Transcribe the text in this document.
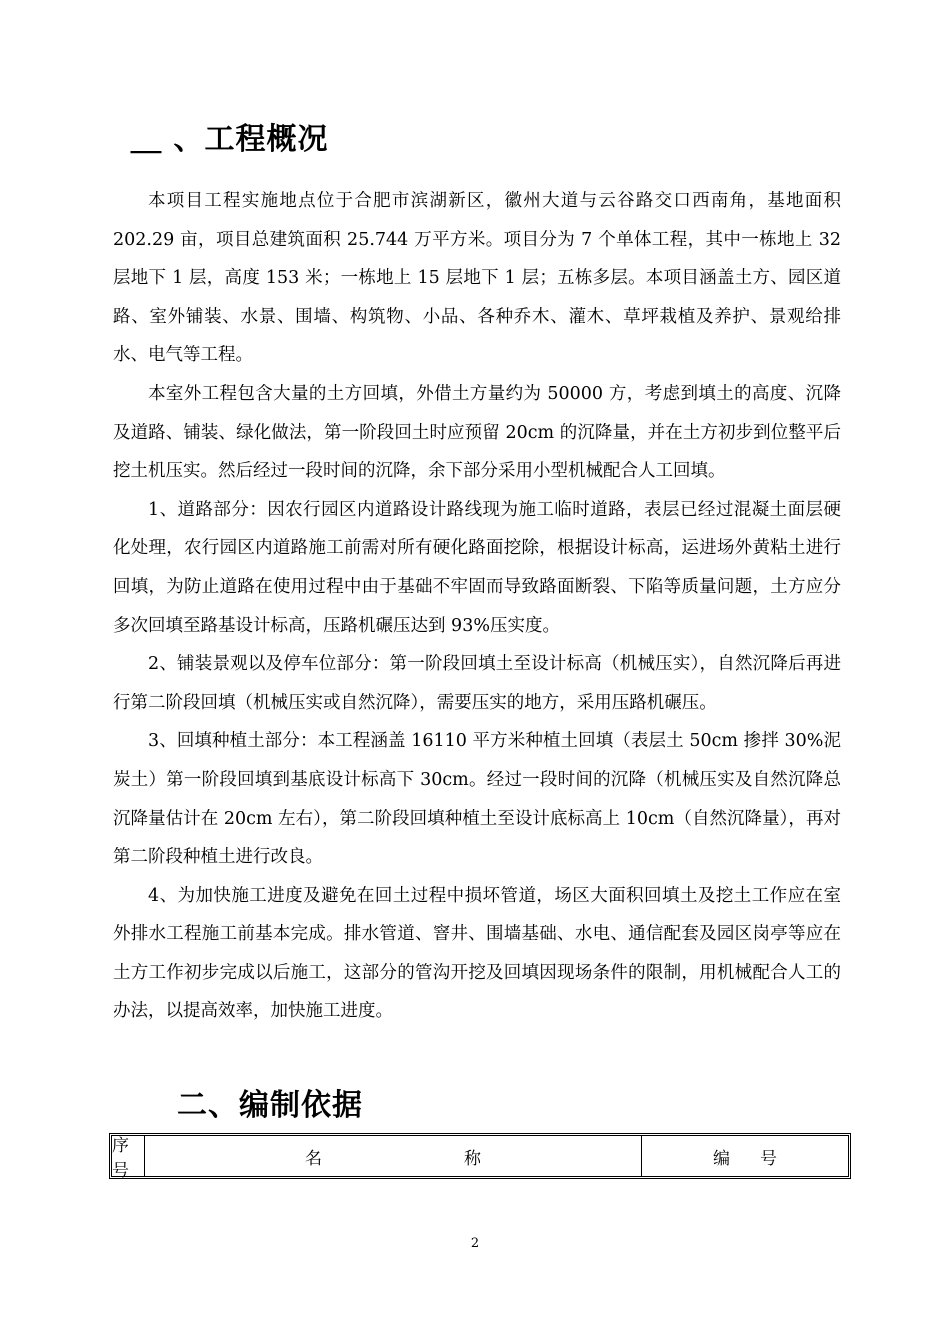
＿ 、工程概况

本项目工程实施地点位于合肥市滨湖新区，徽州大道与云谷路交口西南角，基地面积 202.29 亩，项目总建筑面积 25.744 万平方米。项目分为 7 个单体工程，其中一栋地上 32 层地下 1 层，高度 153 米；一栋地上 15 层地下 1 层；五栋多层。本项目涵盖土方、园区道路、室外铺装、水景、围墙、构筑物、小品、各种乔木、灌木、草坪栽植及养护、景观给排水、电气等工程。

本室外工程包含大量的土方回填，外借土方量约为 50000 方，考虑到填土的高度、沉降及道路、铺装、绿化做法，第一阶段回土时应预留 20cm 的沉降量，并在土方初步到位整平后挖土机压实。然后经过一段时间的沉降，余下部分采用小型机械配合人工回填。

1、道路部分：因农行园区内道路设计路线现为施工临时道路，表层已经过混凝土面层硬化处理，农行园区内道路施工前需对所有硬化路面挖除，根据设计标高，运进场外黄粘土进行回填，为防止道路在使用过程中由于基础不牢固而导致路面断裂、下陷等质量问题，土方应分多次回填至路基设计标高，压路机碾压达到 93%压实度。

2、铺装景观以及停车位部分：第一阶段回填土至设计标高（机械压实），自然沉降后再进行第二阶段回填（机械压实或自然沉降），需要压实的地方，采用压路机碾压。

3、回填种植土部分：本工程涵盖 16110 平方米种植土回填（表层土 50cm 掺拌 30%泥炭土）第一阶段回填到基底设计标高下 30cm。经过一段时间的沉降（机械压实及自然沉降总沉降量估计在 20cm 左右），第二阶段回填种植土至设计底标高上 10cm（自然沉降量），再对第二阶段种植土进行改良。

4、为加快施工进度及避免在回土过程中损坏管道，场区大面积回填土及挖土工作应在室外排水工程施工前基本完成。排水管道、窨井、围墙基础、水电、通信配套及园区岗亭等应在土方工作初步完成以后施工，这部分的管沟开挖及回填因现场条件的限制，用机械配合人工的办法，以提高效率，加快施工进度。

二、编制依据
序号
名	称	编号
2
